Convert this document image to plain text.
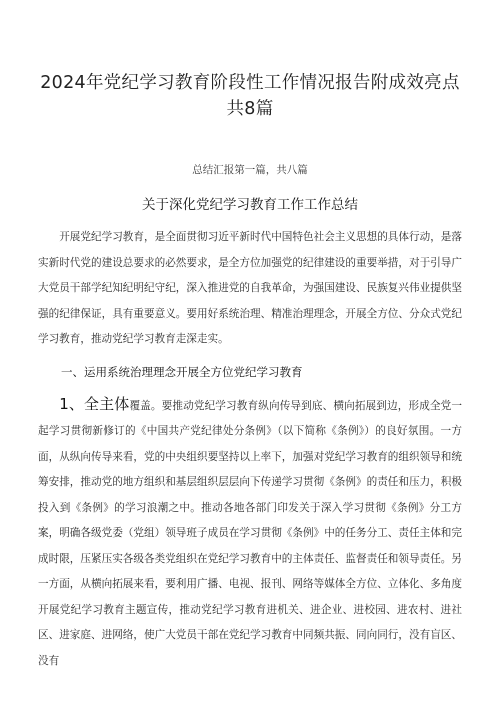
2024年党纪学习教育阶段性工作情况报告附成效亮点共8篇
总结汇报第一篇，共八篇
关于深化党纪学习教育工作工作总结

开展党纪学习教育，是全面贯彻习近平新时代中国特色社会主义思想的具体行动，是落实新时代党的建设总要求的必然要求，是全方位加强党的纪律建设的重要举措，对于引导广大党员干部学纪知纪明纪守纪，深入推进党的自我革命，为强国建设、民族复兴伟业提供坚强的纪律保证，具有重要意义。要用好系统治理、精准治理理念，开展全方位、分众式党纪学习教育，推动党纪学习教育走深走实。

一、运用系统治理理念开展全方位党纪学习教育

1、全主体覆盖。要推动党纪学习教育纵向传导到底、横向拓展到边，形成全党一起学习贯彻新修订的《中国共产党纪律处分条例》（以下简称《条例》）的良好氛围。一方面，从纵向传导来看，党的中央组织要坚持以上率下，加强对党纪学习教育的组织领导和统筹安排，推动党的地方组织和基层组织层层向下传递学习贯彻《条例》的责任和压力，积极投入到《条例》的学习浪潮之中。推动各地各部门印发关于深入学习贯彻《条例》分工方案，明确各级党委（党组）领导班子成员在学习贯彻《条例》中的任务分工、责任主体和完成时限，压紧压实各级各类党组织在党纪学习教育中的主体责任、监督责任和领导责任。另一方面，从横向拓展来看，要利用广播、电视、报刊、网络等媒体全方位、立体化、多角度开展党纪学习教育主题宣传，推动党纪学习教育进机关、进企业、进校园、进农村、进社区、进家庭、进网络，使广大党员干部在党纪学习教育中同频共振、同向同行，没有盲区、没有
